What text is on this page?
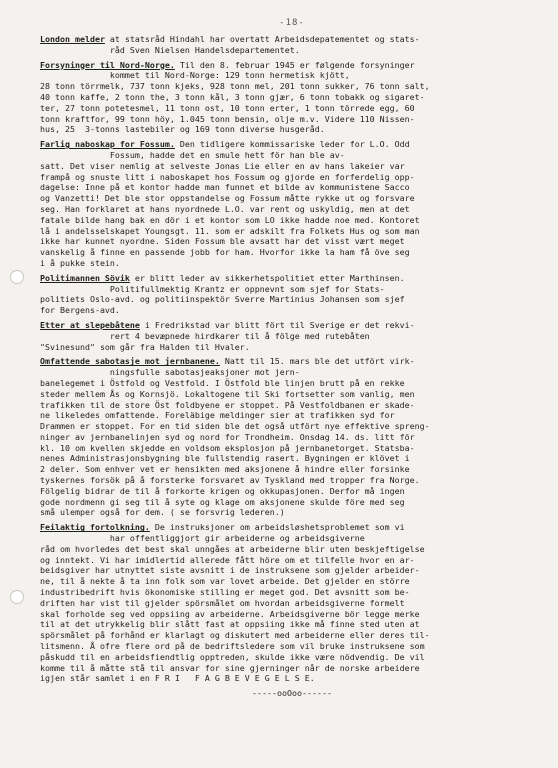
-18-

London melder at statsråd Hindahl har overtatt Arbeidsdepatementet og stats-

råd Sven Nielsen Handelsdepartementet.

Forsyninger til Nord-Norge. Til den 8. februar 1945 er følgende forsyninger

kommet til Nord-Norge: 129 tonn hermetisk kjött,

28 tonn törrmelk, 737 tonn kjeks, 928 tonn mel, 201 tonn sukker, 76 tonn salt,

40 tonn kaffe, 2 tonn the, 3 tonn kål, 3 tonn gjær, 6 tonn tobakk og sigaret-

ter, 27 tonn potetesmel, 11 tonn ost, 10 tonn erter, 1 tonn törrede egg, 60

tonn kraftfor, 99 tonn höy, 1.045 tonn bensin, olje m.v. Videre 110 Nissen-

hus, 25  3-tonns lastebiler og 169 tonn diverse husgeråd.

Farlig naboskap for Fossum. Den tidligere kommissariske leder for L.O. Odd

Fossum, hadde det en smule hett för han ble av-

satt. Det viser nemlig at selveste Jonas Lie eller en av hans lakeier var

frampå og snuste litt i naboskapet hos Fossum og gjorde en forferdelig opp-

dagelse: Inne på et kontor hadde man funnet et bilde av kommunistene Sacco

og Vanzetti! Det ble stor oppstandelse og Fossum måtte rykke ut og forsvare

seg. Han forklaret at hans nyordnede L.O. var rent og uskyldig, men at det

fatale bilde hang bak en dör i et kontor som LO ikke hadde noe med. Kontoret

lå i andelsselskapet Youngsgt. 11. som er adskilt fra Folkets Hus og som man

ikke har kunnet nyordne. Siden Fossum ble avsatt har det visst vært meget

vanskelig å finne en passende jobb for ham. Hvorfor ikke la ham få öve seg

i å pukke stein.

Politimannen Sövik er blitt leder av sikkerhetspolitiet etter Marthinsen.

Politifullmektig Krantz er oppnevnt som sjef for Stats-

politiets Oslo-avd. og politiinspektör Sverre Martinius Johansen som sjef

for Bergens-avd.

Etter at slepebåtene i Fredrikstad var blitt fört til Sverige er det rekvi-

rert 4 bevæpnede hirdkarer til å fölge med rutebåten

"Svinesund" som går fra Halden til Hvaler.

Omfattende sabotasje mot jernbanene. Natt til 15. mars ble det utfört virk-

ningsfulle sabotasjeaksjoner mot jern-

banelegemet i Östfold og Vestfold. I Östfold ble linjen brutt på en rekke

steder mellem Ås og Kornsjö. Lokaltogene til Ski fortsetter som vanlig, men

trafikken til de store Öst foldbyene er stoppet. På Vestfoldbanen er skade-

ne likeledes omfattende. Foreläbige meldinger sier at trafikken syd for

Drammen er stoppet. For en tid siden ble det også utfört nye effektive spreng-

ninger av jernbanelinjen syd og nord for Trondheim. Onsdag 14. ds. litt för

kl. 10 om kvellen skjedde en voldsom eksplosjon på jernbanetorget. Statsba-

nenes Administrasjonsbygning ble fullstendig rasert. Bygningen er klövet i

2 deler. Som enhver vet er hensikten med aksjonene å hindre eller forsinke

tyskernes forsök på å forsterke forsvaret av Tyskland med tropper fra Norge.

Fölgelig bidrar de til å forkorte krigen og okkupasjonen. Derfor må ingen

gode nordmenn gi seg til å syte og klage om aksjonene skulde före med seg

små ulemper også for dem. ( se forsvrig lederen.)

Feilaktig fortolkning. De instruksjoner om arbeidsløshetsproblemet som vi

har offentliggjort gir arbeiderne og arbeidsgiverne

råd om hvorledes det best skal unngåes at arbeiderne blir uten beskjeftigelse

og inntekt. Vi har imidlertid allerede fått höre om et tilfelle hvor en ar-

beidsgiver har utnyttet siste avsnitt i de instruksene som gjelder arbeider-

ne, til å nekte å ta inn folk som var lovet arbeide. Det gjelder en större

industribedrift hvis ökonomiske stilling er meget god. Det avsnitt som be-

driften har vist til gjelder spörsmålet om hvordan arbeidsgiverne formelt

skal forholde seg ved oppsiing av arbeiderne. Arbeidsgiverne bör legge merke

til at det utrykkelig blir slått fast at oppsiing ikke må finne sted uten at

spörsmålet på forhånd er klarlagt og diskutert med arbeiderne eller deres til-

litsmenn. Å ofre flere ord på de bedriftsledere som vil bruke instruksene som

påskudd til en arbeidsfiendtlig opptreden, skulde ikke være nödvendig. De vil

komme til å måtte stå til ansvar for sine gjerninger når de norske arbeidere

igjen står samlet i en F R I   F A G B E V E G E L S E.

-----ooOoo------
